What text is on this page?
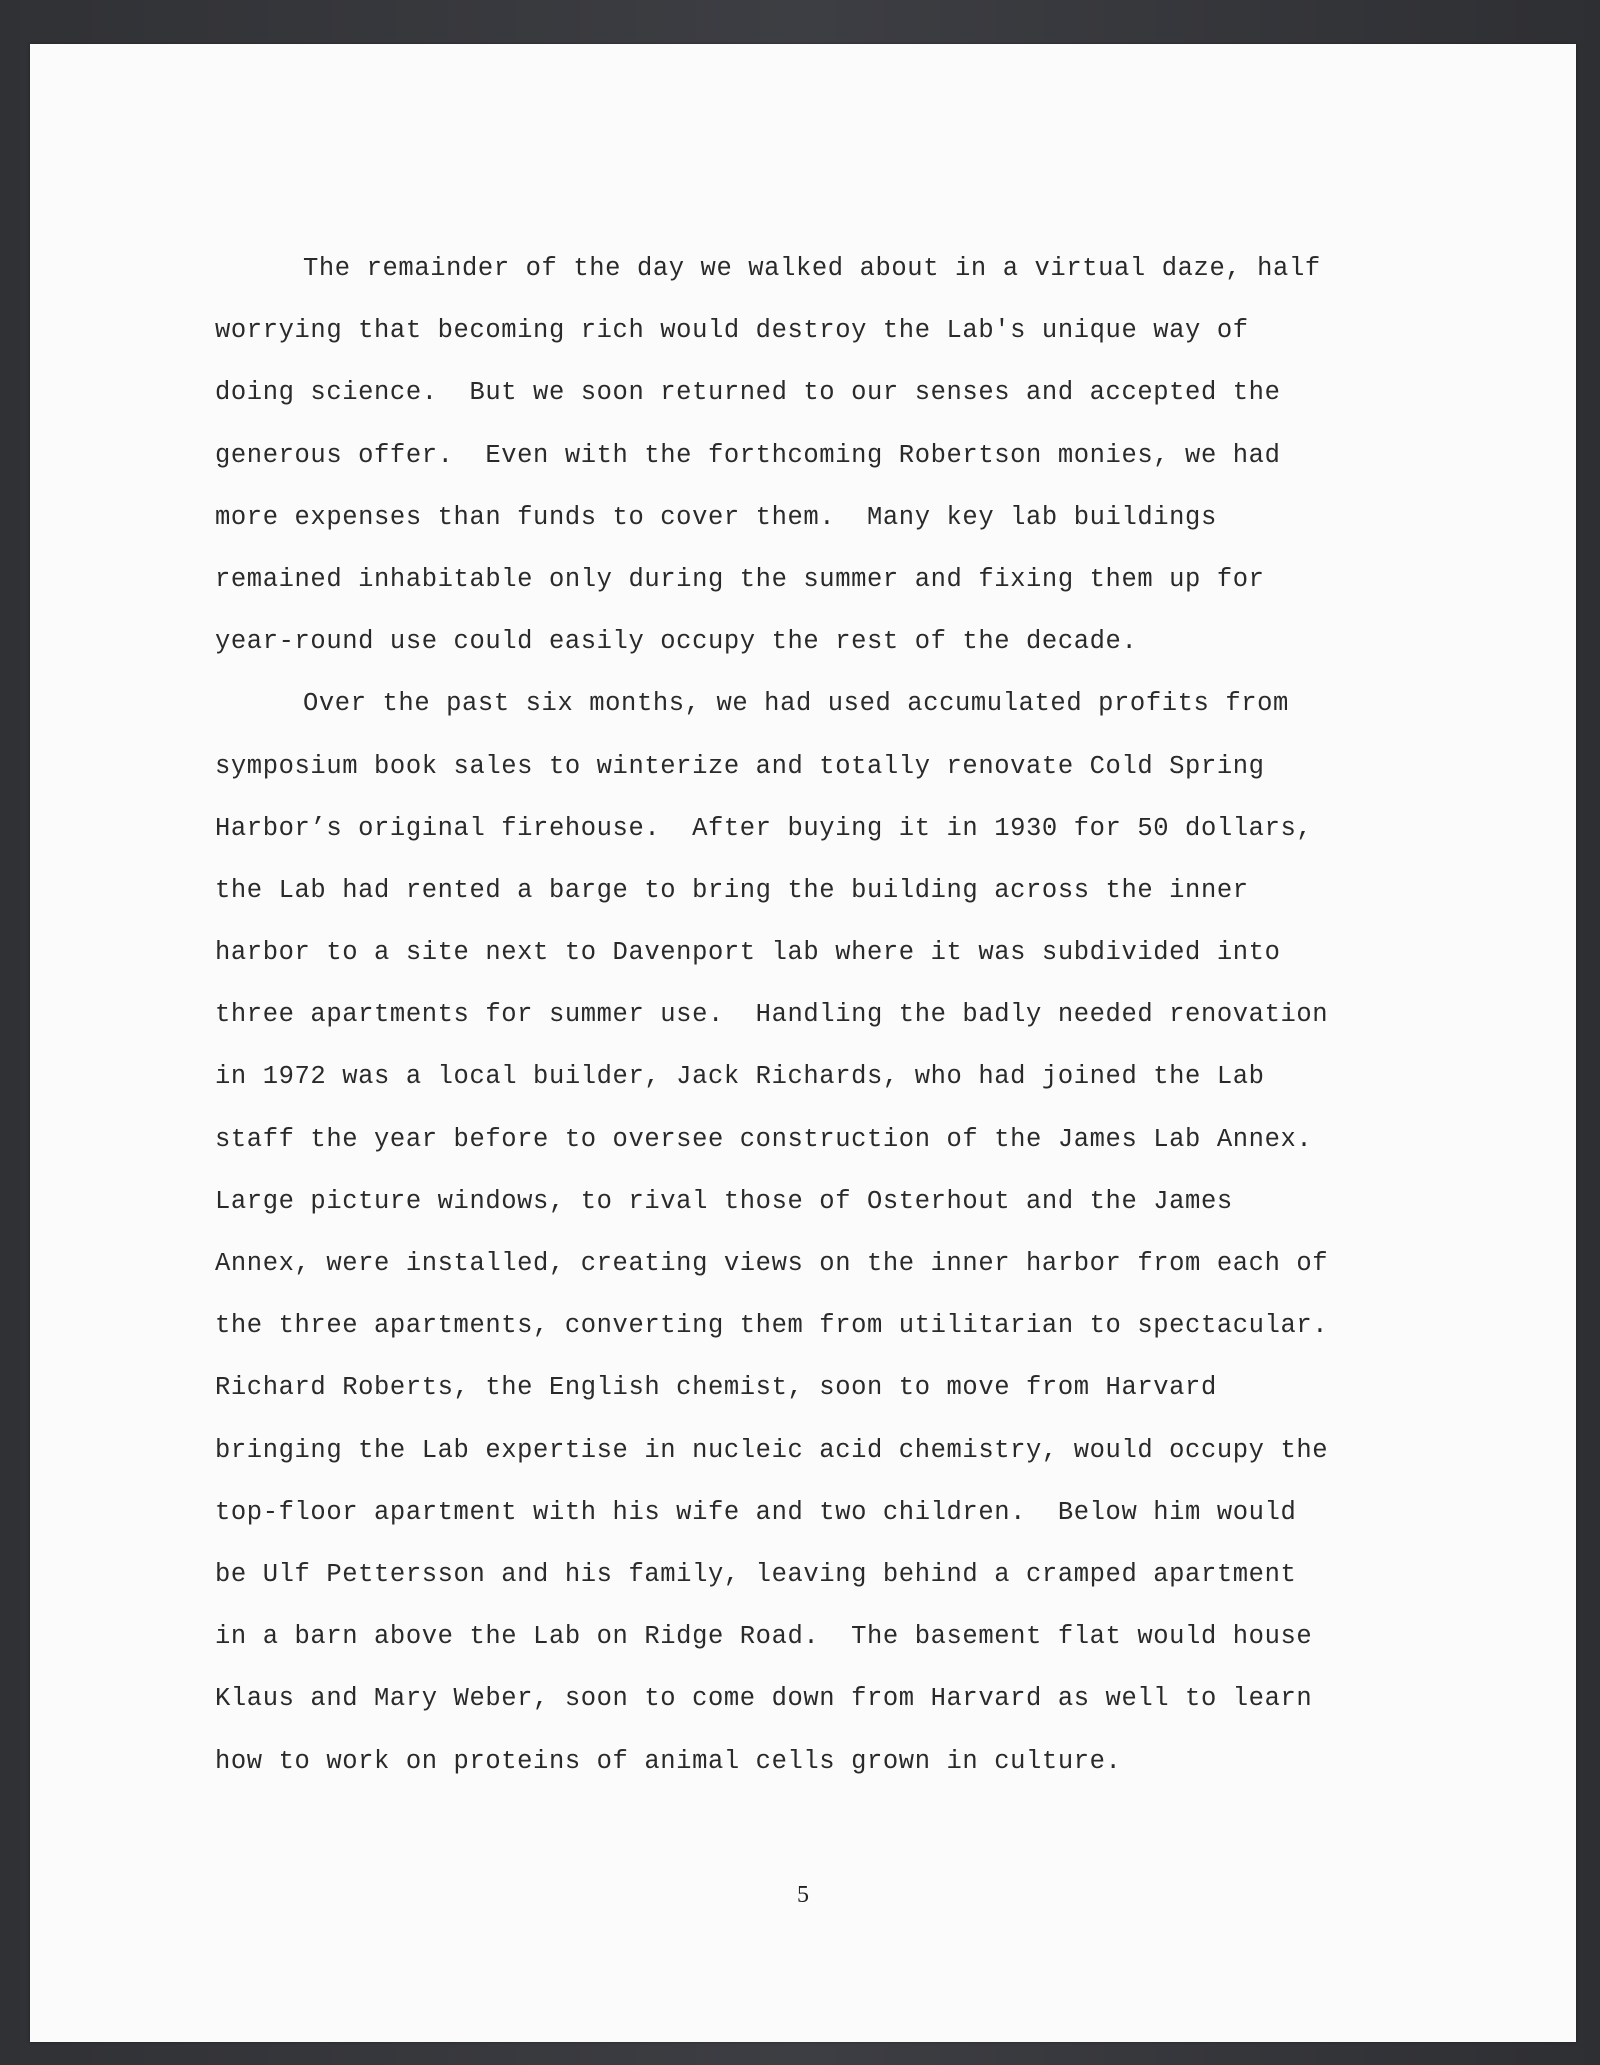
The remainder of the day we walked about in a virtual daze, half
worrying that becoming rich would destroy the Lab's unique way of
doing science.  But we soon returned to our senses and accepted the
generous offer.  Even with the forthcoming Robertson monies, we had
more expenses than funds to cover them.  Many key lab buildings
remained inhabitable only during the summer and fixing them up for
year-round use could easily occupy the rest of the decade.
Over the past six months, we had used accumulated profits from
symposium book sales to winterize and totally renovate Cold Spring
Harbor’s original firehouse.  After buying it in 1930 for 50 dollars,
the Lab had rented a barge to bring the building across the inner
harbor to a site next to Davenport lab where it was subdivided into
three apartments for summer use.  Handling the badly needed renovation
in 1972 was a local builder, Jack Richards, who had joined the Lab
staff the year before to oversee construction of the James Lab Annex.
Large picture windows, to rival those of Osterhout and the James
Annex, were installed, creating views on the inner harbor from each of
the three apartments, converting them from utilitarian to spectacular.
Richard Roberts, the English chemist, soon to move from Harvard
bringing the Lab expertise in nucleic acid chemistry, would occupy the
top-floor apartment with his wife and two children.  Below him would
be Ulf Pettersson and his family, leaving behind a cramped apartment
in a barn above the Lab on Ridge Road.  The basement flat would house
Klaus and Mary Weber, soon to come down from Harvard as well to learn
how to work on proteins of animal cells grown in culture.
5
